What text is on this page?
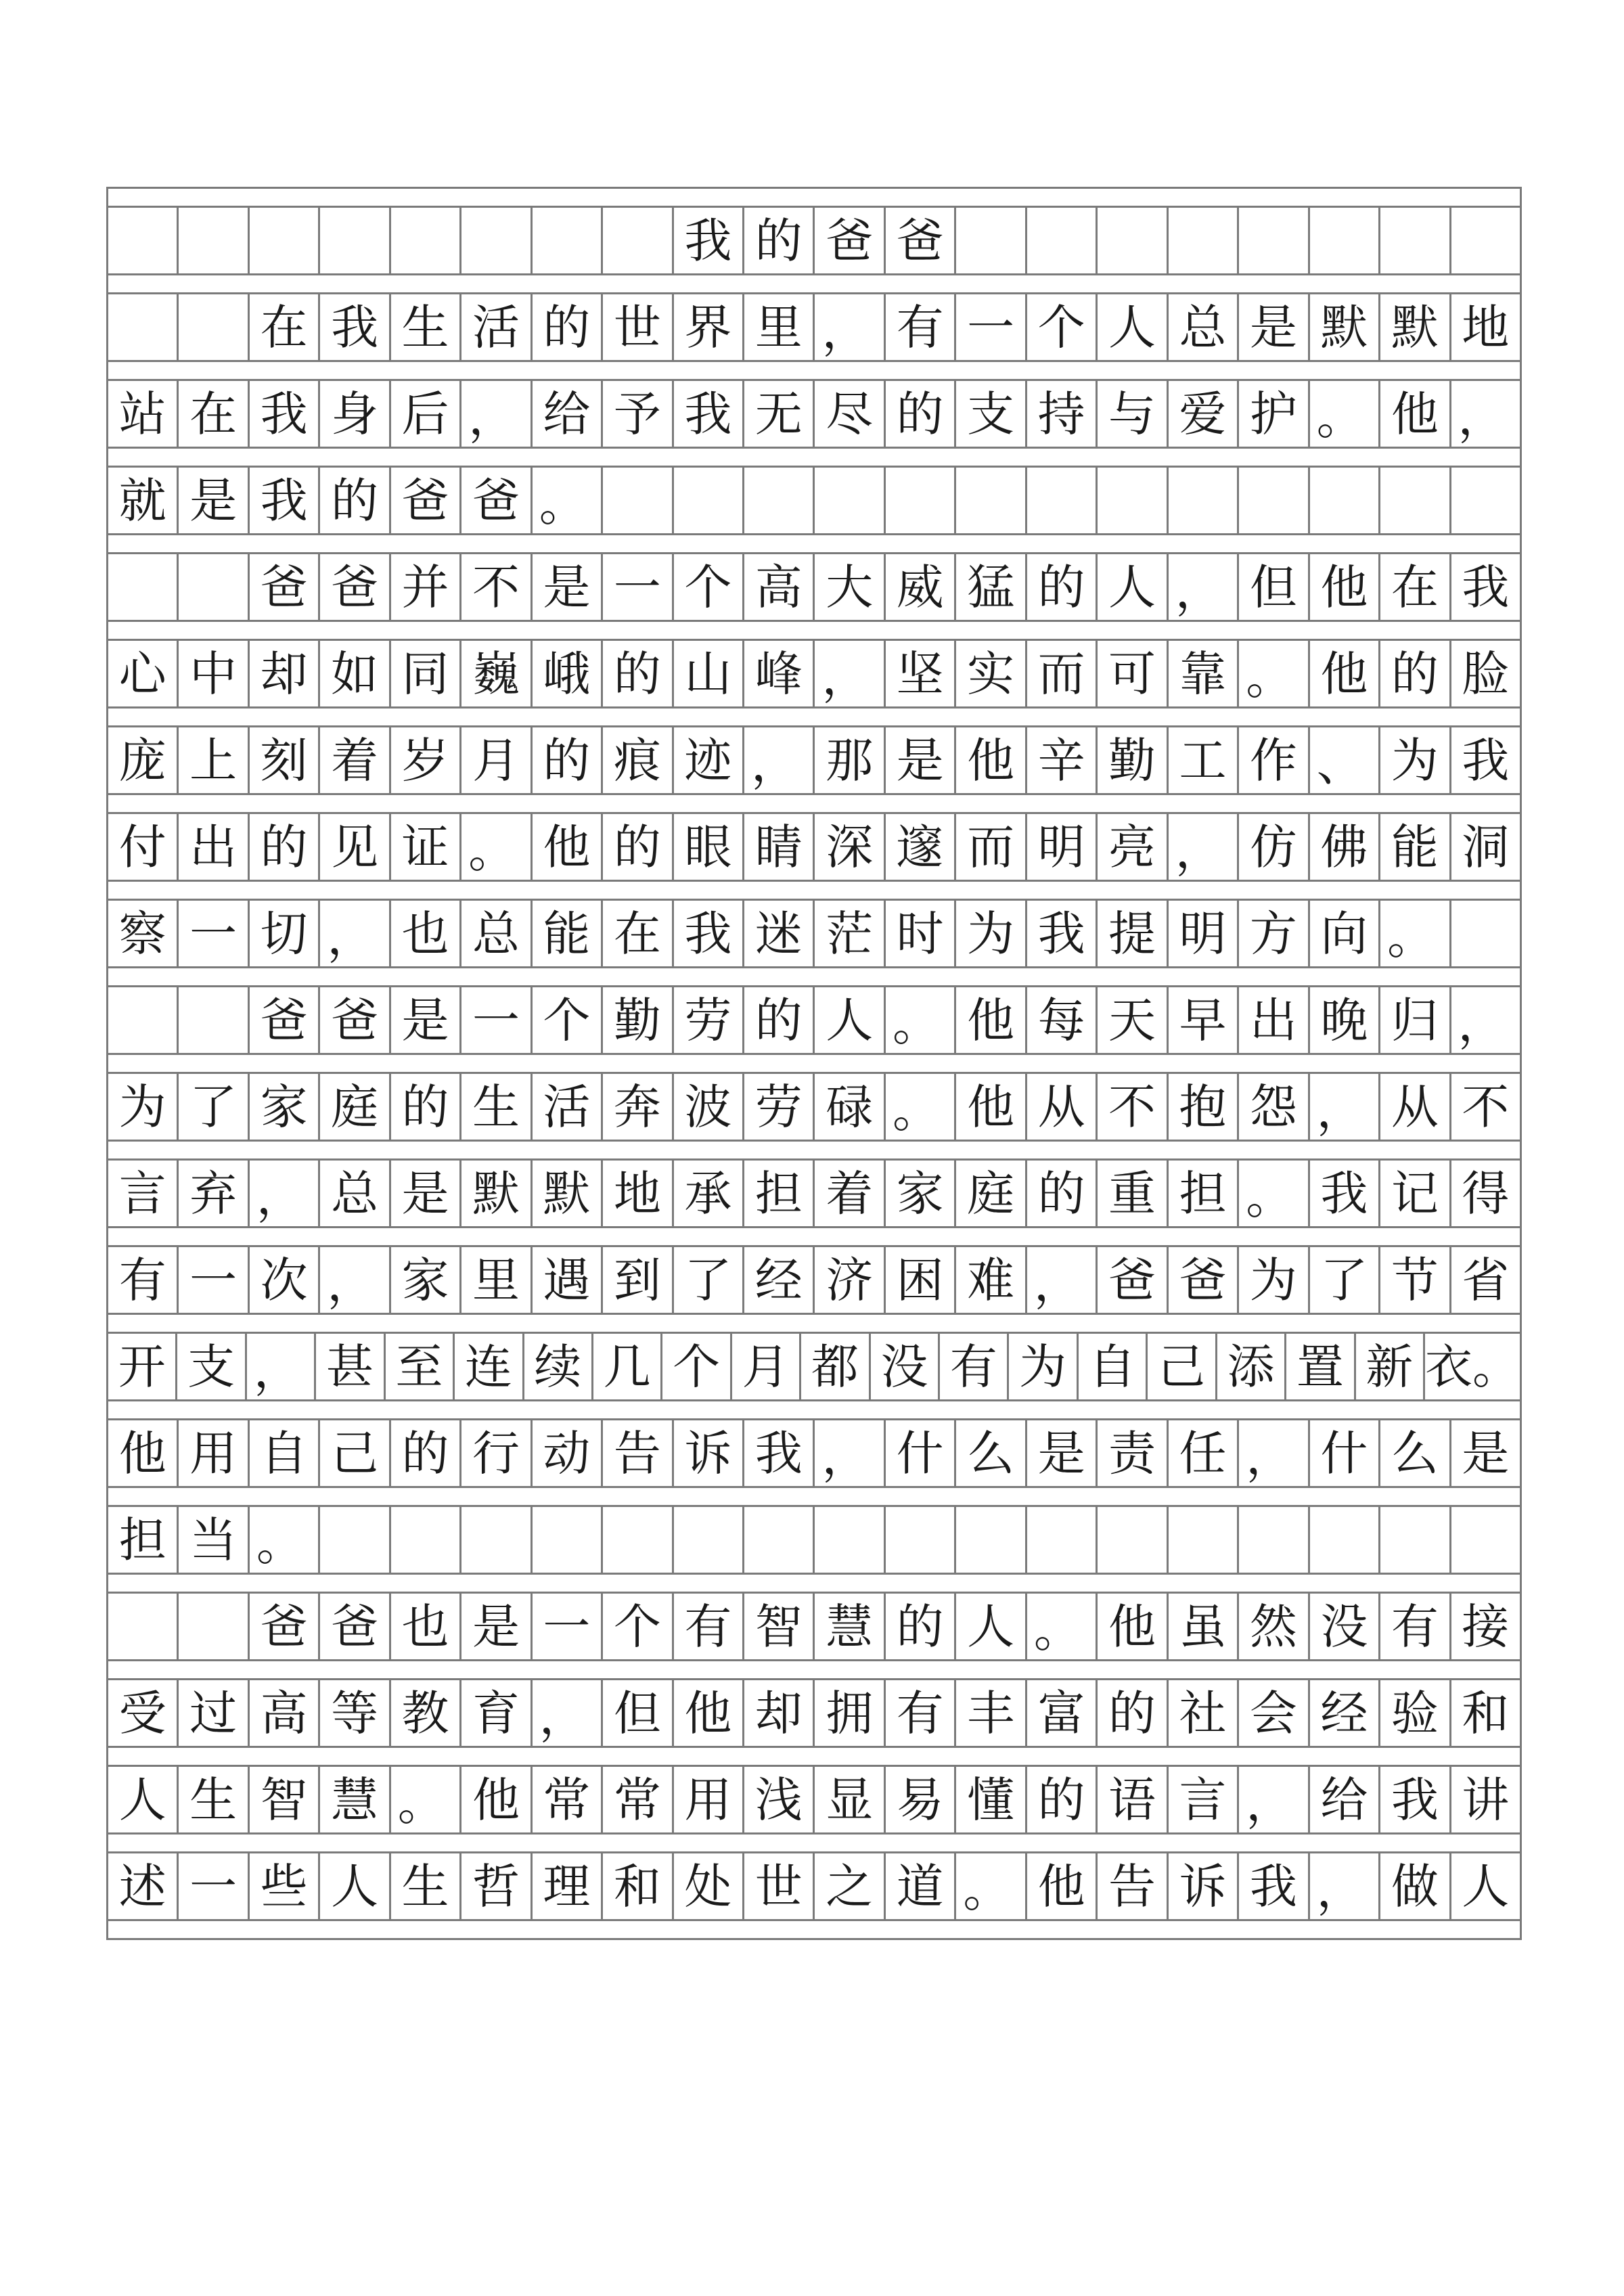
我 的 爸 爸
在 我 生 活 的 世 界 里 ， 有 一 个 人 总 是 默 默 地
站 在 我 身 后 ， 给 予 我 无 尽 的 支 持 与 爱 护 。 他 ，
就 是 我 的 爸 爸 。
爸 爸 并 不 是 一 个 高 大 威 猛 的 人 ， 但 他 在 我
心 中 却 如 同 巍 峨 的 山 峰 ， 坚 实 而 可 靠 。 他 的 脸
庞 上 刻 着 岁 月 的 痕 迹 ， 那 是 他 辛 勤 工 作 、 为 我
付 出 的 见 证 。 他 的 眼 睛 深 邃 而 明 亮 ， 仿 佛 能 洞
察 一 切 ， 也 总 能 在 我 迷 茫 时 为 我 提 明 方 向 。
爸 爸 是 一 个 勤 劳 的 人 。 他 每 天 早 出 晚 归 ，
为 了 家 庭 的 生 活 奔 波 劳 碌 。 他 从 不 抱 怨 ， 从 不
言 弃 ， 总 是 默 默 地 承 担 着 家 庭 的 重 担 。 我 记 得
有 一 次 ， 家 里 遇 到 了 经 济 困 难 ， 爸 爸 为 了 节 省
开 支 ， 甚 至 连 续 几 个 月 都 没 有 为 自 己 添 置 新 衣。
他 用 自 己 的 行 动 告 诉 我 ， 什 么 是 责 任 ， 什 么 是
担 当 。
爸 爸 也 是 一 个 有 智 慧 的 人 。 他 虽 然 没 有 接
受 过 高 等 教 育 ， 但 他 却 拥 有 丰 富 的 社 会 经 验 和
人 生 智 慧 。 他 常 常 用 浅 显 易 懂 的 语 言 ， 给 我 讲
述 一 些 人 生 哲 理 和 处 世 之 道 。 他 告 诉 我 ， 做 人
